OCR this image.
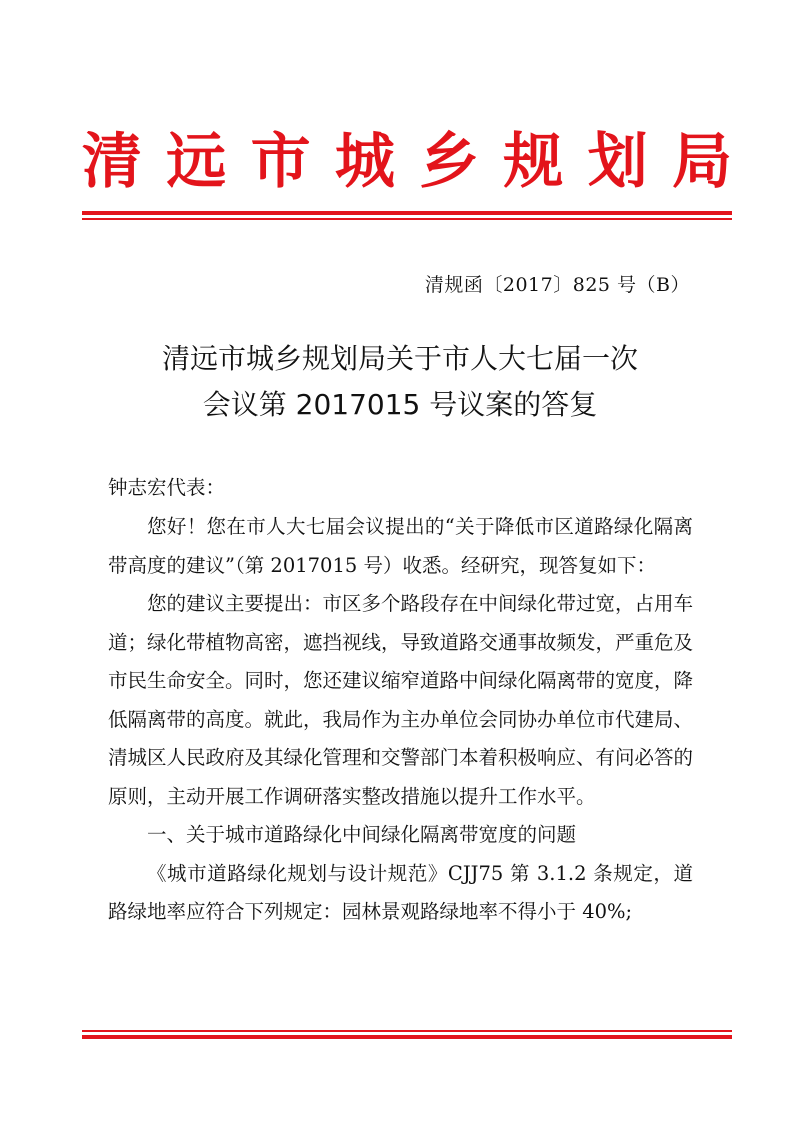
清 远 市 城 乡 规 划 局
清规函〔2017〕825 号（B）
清远市城乡规划局关于市人大七届一次
会议第 2017015 号议案的答复
钟志宏代表：

您好！您在市人大七届会议提出的“关于降低市区道路绿化隔离带高度的建议”（第 2017015 号）收悉。经研究，现答复如下：

您的建议主要提出：市区多个路段存在中间绿化带过宽，占用车道；绿化带植物高密，遮挡视线，导致道路交通事故频发，严重危及市民生命安全。同时，您还建议缩窄道路中间绿化隔离带的宽度，降低隔离带的高度。就此，我局作为主办单位会同协办单位市代建局、清城区人民政府及其绿化管理和交警部门本着积极响应、有问必答的原则，主动开展工作调研落实整改措施以提升工作水平。

一、关于城市道路绿化中间绿化隔离带宽度的问题

《城市道路绿化规划与设计规范》CJJ75 第 3.1.2 条规定，道路绿地率应符合下列规定：园林景观路绿地率不得小于 40%;
